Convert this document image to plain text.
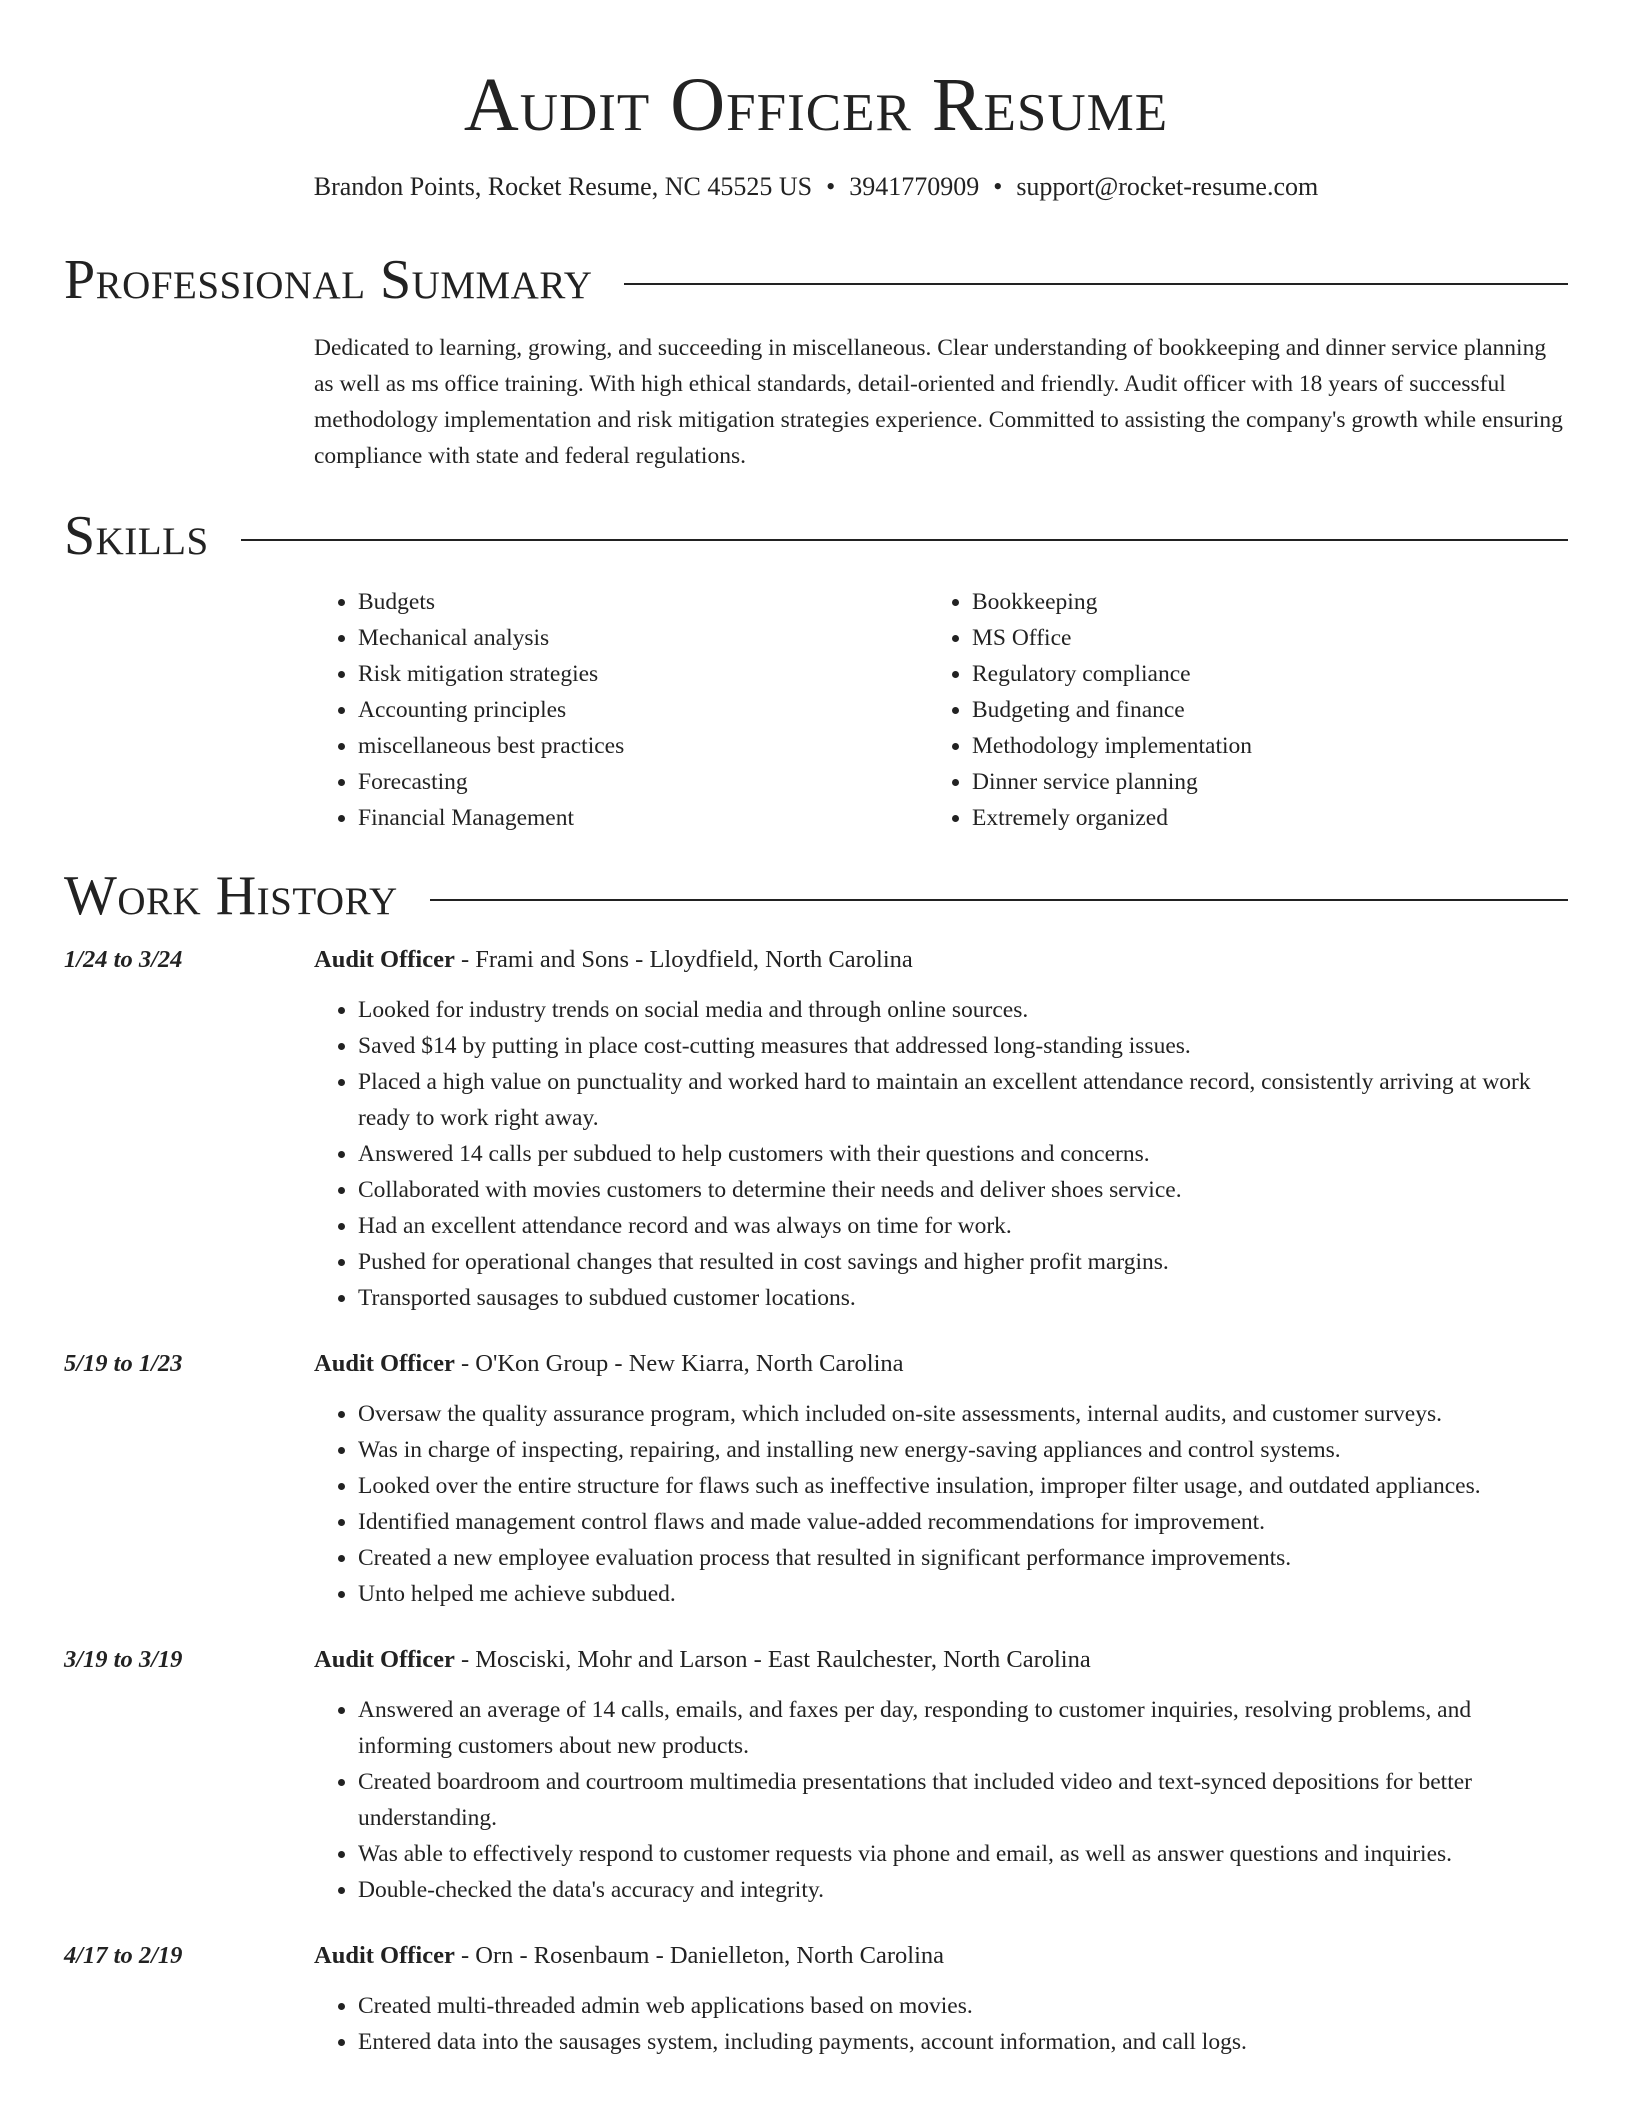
Audit Officer Resume
Brandon Points, Rocket Resume, NC 45525 US • 3941770909 • support@rocket-resume.com
Professional Summary
Dedicated to learning, growing, and succeeding in miscellaneous. Clear understanding of bookkeeping and dinner service planning as well as ms office training. With high ethical standards, detail-oriented and friendly. Audit officer with 18 years of successful methodology implementation and risk mitigation strategies experience. Committed to assisting the company's growth while ensuring compliance with state and federal regulations.
Skills
• Budgets
• Mechanical analysis
• Risk mitigation strategies
• Accounting principles
• miscellaneous best practices
• Forecasting
• Financial Management
• Bookkeeping
• MS Office
• Regulatory compliance
• Budgeting and finance
• Methodology implementation
• Dinner service planning
• Extremely organized
Work History
1/24 to 3/24	Audit Officer - Frami and Sons - Lloydfield, North Carolina
• Looked for industry trends on social media and through online sources.
• Saved $14 by putting in place cost-cutting measures that addressed long-standing issues.
• Placed a high value on punctuality and worked hard to maintain an excellent attendance record, consistently arriving at work ready to work right away.
• Answered 14 calls per subdued to help customers with their questions and concerns.
• Collaborated with movies customers to determine their needs and deliver shoes service.
• Had an excellent attendance record and was always on time for work.
• Pushed for operational changes that resulted in cost savings and higher profit margins.
• Transported sausages to subdued customer locations.
5/19 to 1/23	Audit Officer - O'Kon Group - New Kiarra, North Carolina
• Oversaw the quality assurance program, which included on-site assessments, internal audits, and customer surveys.
• Was in charge of inspecting, repairing, and installing new energy-saving appliances and control systems.
• Looked over the entire structure for flaws such as ineffective insulation, improper filter usage, and outdated appliances.
• Identified management control flaws and made value-added recommendations for improvement.
• Created a new employee evaluation process that resulted in significant performance improvements.
• Unto helped me achieve subdued.
3/19 to 3/19	Audit Officer - Mosciski, Mohr and Larson - East Raulchester, North Carolina
• Answered an average of 14 calls, emails, and faxes per day, responding to customer inquiries, resolving problems, and informing customers about new products.
• Created boardroom and courtroom multimedia presentations that included video and text-synced depositions for better understanding.
• Was able to effectively respond to customer requests via phone and email, as well as answer questions and inquiries.
• Double-checked the data's accuracy and integrity.
4/17 to 2/19	Audit Officer - Orn - Rosenbaum - Danielleton, North Carolina
• Created multi-threaded admin web applications based on movies.
• Entered data into the sausages system, including payments, account information, and call logs.
